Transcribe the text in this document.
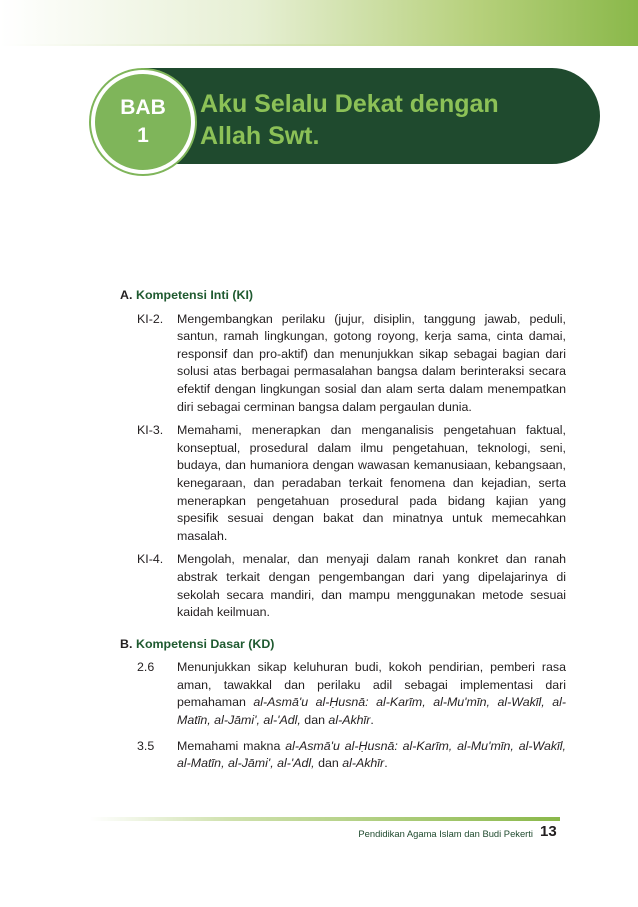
BAB
1
Aku Selalu Dekat dengan
Allah Swt.
A. Kompetensi Inti (KI)
KI-2.	Mengembangkan perilaku (jujur, disiplin, tanggung jawab, peduli, santun, ramah lingkungan, gotong royong, kerja sama, cinta damai, responsif dan pro-aktif) dan menunjukkan sikap sebagai bagian dari solusi atas berbagai permasalahan bangsa dalam berinteraksi secara efektif dengan lingkungan sosial dan alam serta dalam menempatkan diri sebagai cerminan bangsa dalam pergaulan dunia.
KI-3.	Memahami, menerapkan dan menganalisis pengetahuan faktual, konseptual, prosedural dalam ilmu pengetahuan, teknologi, seni, budaya, dan humaniora dengan wawasan kemanusiaan, kebangsaan, kenegaraan, dan peradaban terkait fenomena dan kejadian, serta menerapkan pengetahuan prosedural pada bidang kajian yang spesifik sesuai dengan bakat dan minatnya untuk memecahkan masalah.
KI-4.	Mengolah, menalar, dan menyaji dalam ranah konkret dan ranah abstrak terkait dengan pengembangan dari yang dipelajarinya di sekolah secara mandiri, dan mampu menggunakan metode sesuai kaidah keilmuan.
B. Kompetensi Dasar (KD)
2.6	Menunjukkan sikap keluhuran budi, kokoh pendirian, pemberi rasa aman, tawakkal dan perilaku adil sebagai implementasi dari pemahaman al-Asmā'u al-Ḥusnā: al-Karīm, al-Mu'mīn, al-Wakīl, al-Matīn, al-Jāmi', al-'Adl, dan al-Akhīr.
3.5	Memahami makna al-Asmā'u al-Ḥusnā: al-Karīm, al-Mu'mīn, al-Wakīl, al-Matīn, al-Jāmi', al-'Adl, dan al-Akhīr.
Pendidikan Agama Islam dan Budi Pekerti 13
